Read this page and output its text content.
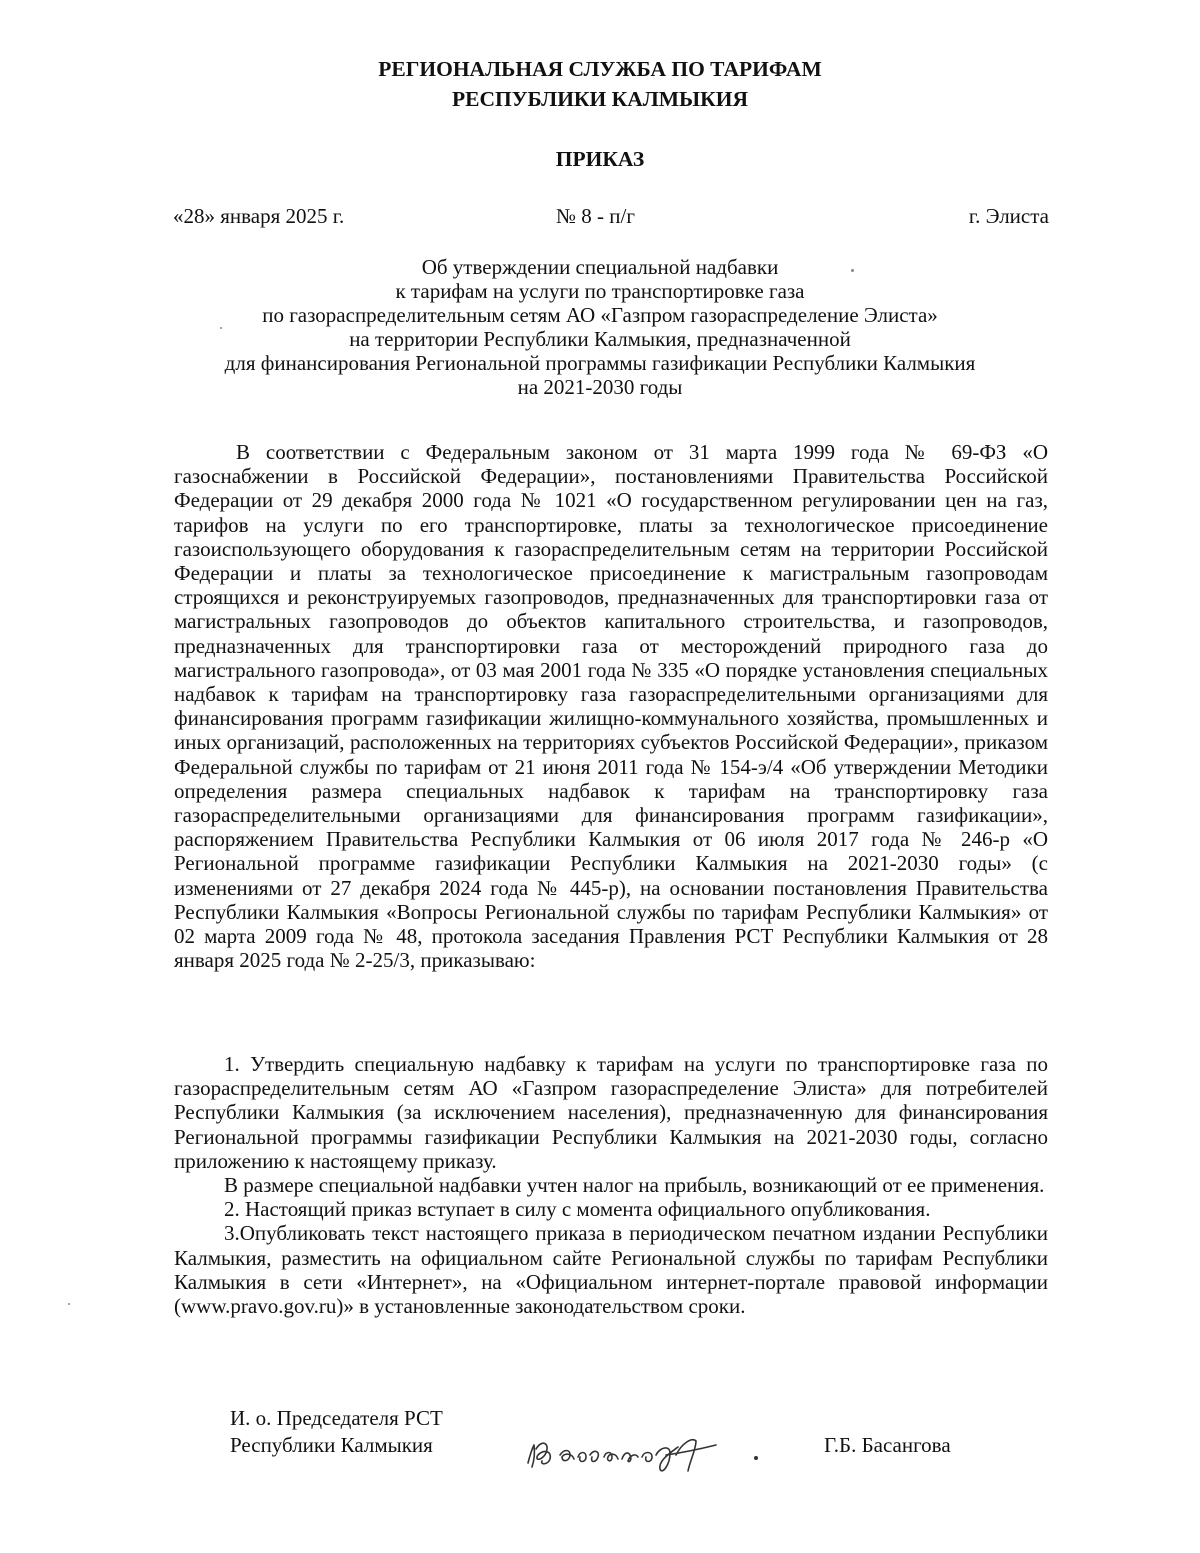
РЕГИОНАЛЬНАЯ СЛУЖБА ПО ТАРИФАМ
РЕСПУБЛИКИ КАЛМЫКИЯ
ПРИКАЗ
«28» января 2025 г.	№ 8 - п/г	г. Элиста
Об утверждении специальной надбавки
к тарифам на услуги по транспортировке газа
по газораспределительным сетям АО «Газпром газораспределение Элиста»
на территории Республики Калмыкия, предназначенной
для финансирования Региональной программы газификации Республики Калмыкия
на 2021-2030 годы

В соответствии с Федеральным законом от 31 марта 1999 года № 69-ФЗ «О газоснабжении в Российской Федерации», постановлениями Правительства Российской Федерации от 29 декабря 2000 года № 1021 «О государственном регулировании цен на газ, тарифов на услуги по его транспортировке, платы за технологическое присоединение газоиспользующего оборудования к газораспределительным сетям на территории Российской Федерации и платы за технологическое присоединение к магистральным газопроводам строящихся и реконструируемых газопроводов, предназначенных для транспортировки газа от магистральных газопроводов до объектов капитального строительства, и газопроводов, предназначенных для транспортировки газа от месторождений природного газа до магистрального газопровода», от 03 мая 2001 года № 335 «О порядке установления специальных надбавок к тарифам на транспортировку газа газораспределительными организациями для финансирования программ газификации жилищно-коммунального хозяйства, промышленных и иных организаций, расположенных на территориях субъектов Российской Федерации», приказом Федеральной службы по тарифам от 21 июня 2011 года № 154-э/4 «Об утверждении Методики определения размера специальных надбавок к тарифам на транспортировку газа газораспределительными организациями для финансирования программ газификации», распоряжением Правительства Республики Калмыкия от 06 июля 2017 года № 246-р «О Региональной программе газификации Республики Калмыкия на 2021-2030 годы» (с изменениями от 27 декабря 2024 года № 445-р), на основании постановления Правительства Республики Калмыкия «Вопросы Региональной службы по тарифам Республики Калмыкия» от 02 марта 2009 года № 48, протокола заседания Правления РСТ Республики Калмыкия от 28 января 2025 года № 2-25/3, приказываю:

1. Утвердить специальную надбавку к тарифам на услуги по транспортировке газа по газораспределительным сетям АО «Газпром газораспределение Элиста» для потребителей Республики Калмыкия (за исключением населения), предназначенную для финансирования Региональной программы газификации Республики Калмыкия на 2021-2030 годы, согласно приложению к настоящему приказу.

В размере специальной надбавки учтен налог на прибыль, возникающий от ее применения.

2. Настоящий приказ вступает в силу с момента официального опубликования.

3.Опубликовать текст настоящего приказа в периодическом печатном издании Республики Калмыкия, разместить на официальном сайте Региональной службы по тарифам Республики Калмыкия в сети «Интернет», на «Официальном интернет-портале правовой информации (www.pravo.gov.ru)» в установленные законодательством сроки.

И. о. Председателя РСТ
Республики Калмыкия	Г.Б. Басангова
